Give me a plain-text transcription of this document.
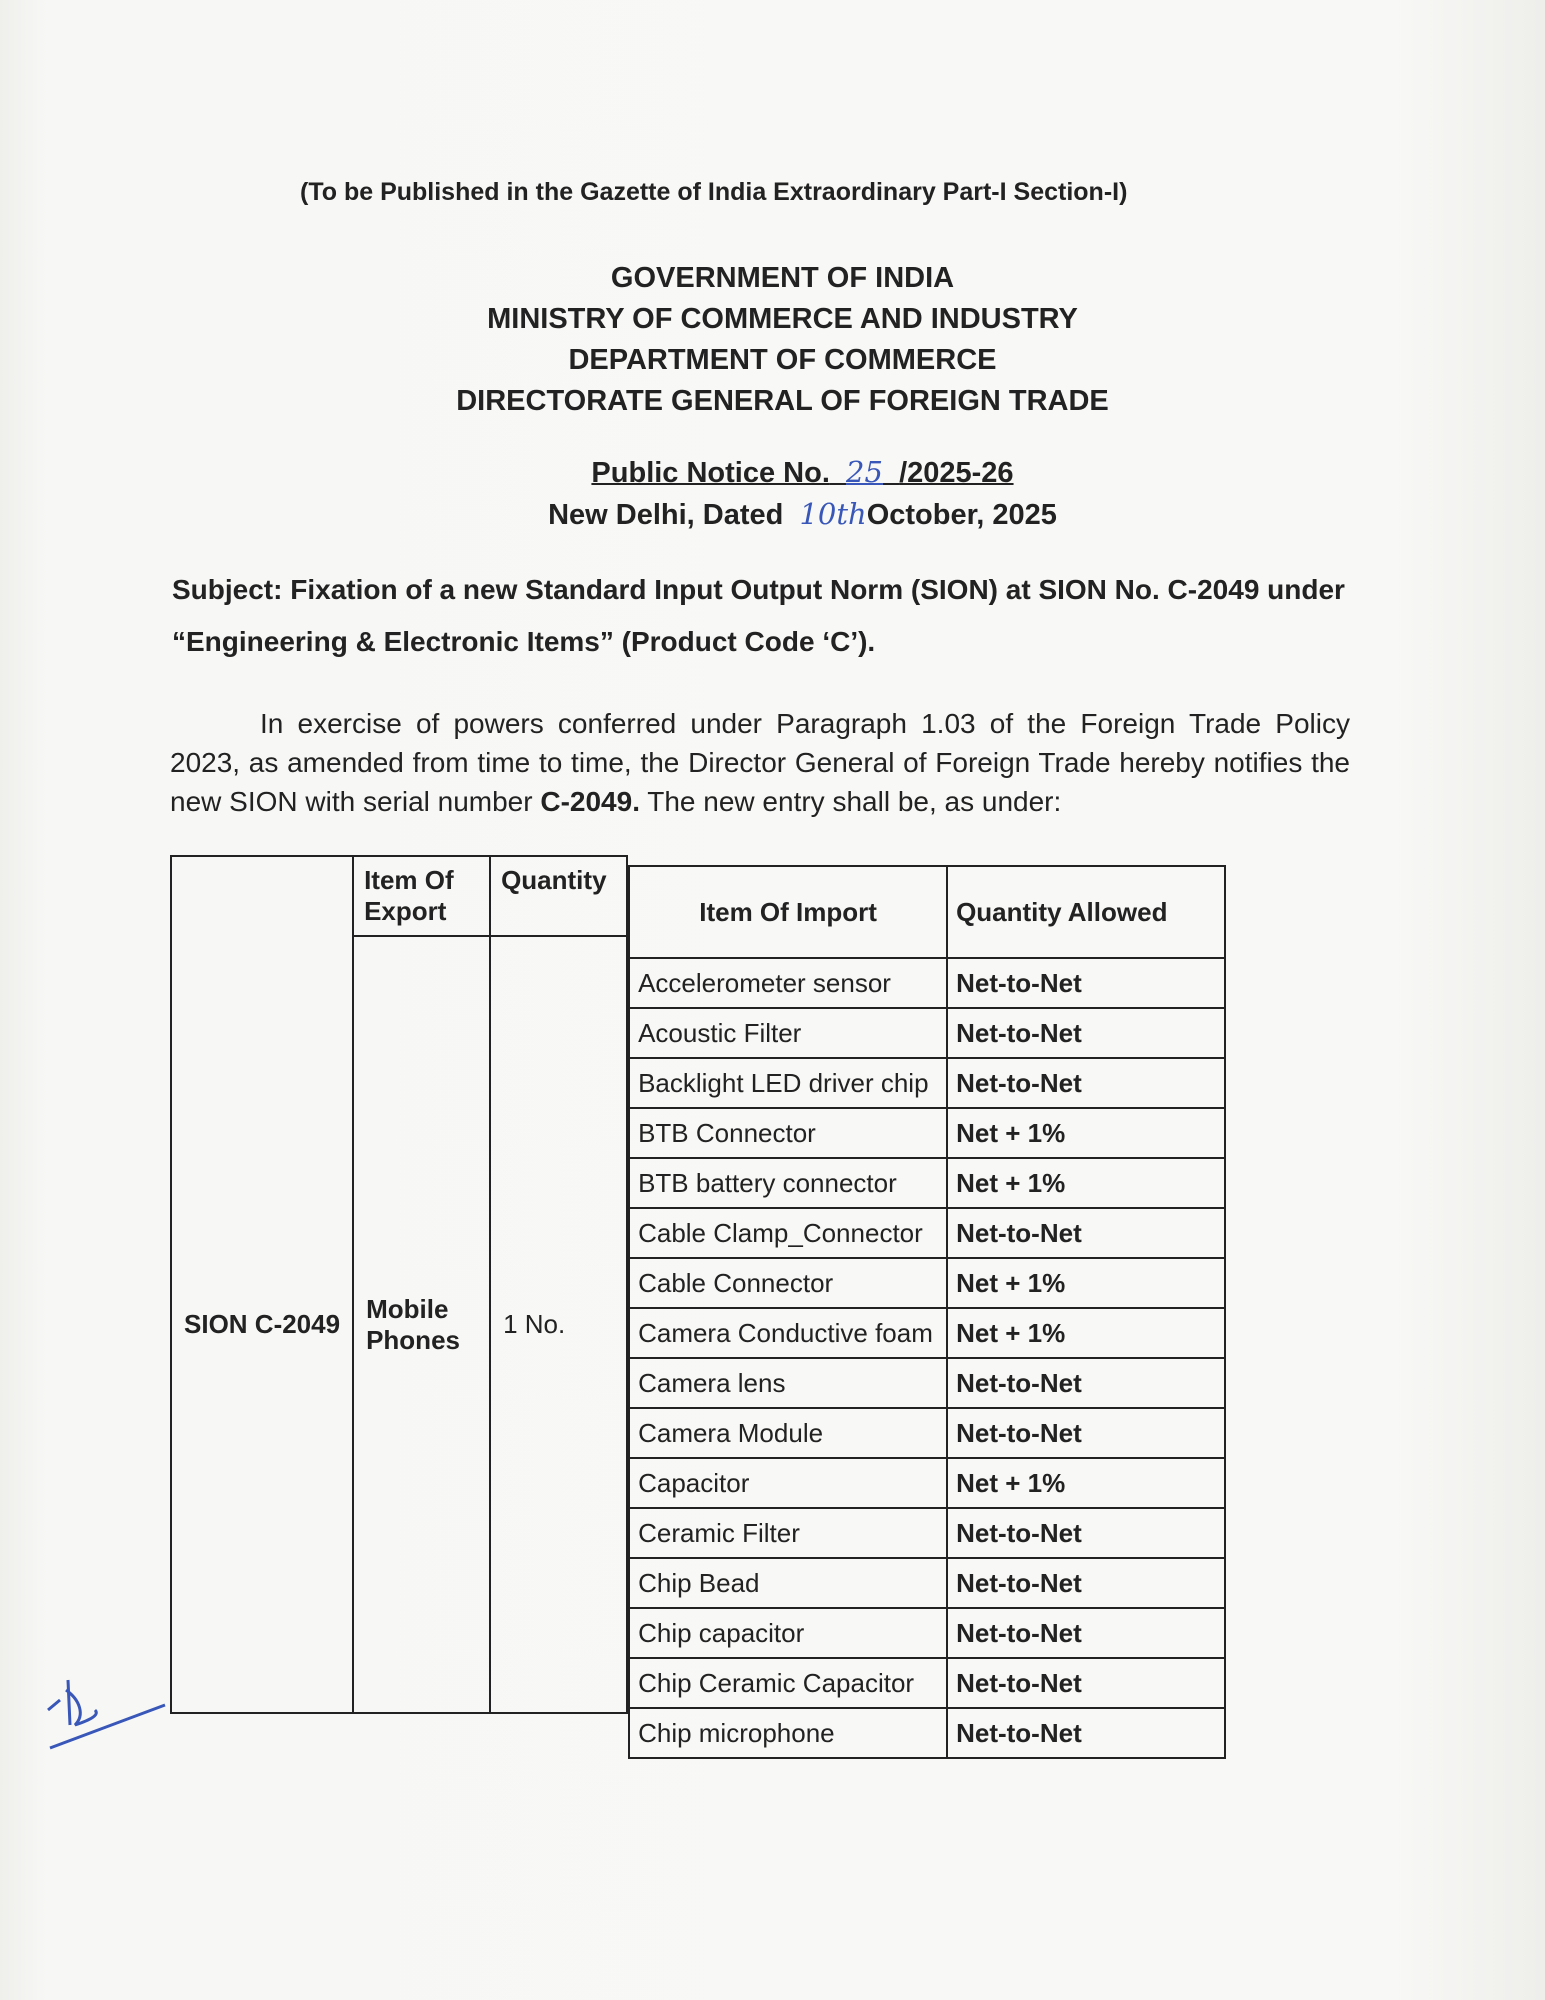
(To be Published in the Gazette of India Extraordinary Part-I Section-I)
GOVERNMENT OF INDIA
MINISTRY OF COMMERCE AND INDUSTRY
DEPARTMENT OF COMMERCE
DIRECTORATE GENERAL OF FOREIGN TRADE
Public Notice No. 25 /2025-26
New Delhi, Dated 10thOctober, 2025
Subject: Fixation of a new Standard Input Output Norm (SION) at SION No. C-2049 under “Engineering & Electronic Items” (Product Code ‘C’).
In exercise of powers conferred under Paragraph 1.03 of the Foreign Trade Policy 2023, as amended from time to time, the Director General of Foreign Trade hereby notifies the new SION with serial number C-2049. The new entry shall be, as under:
	Item Of Export	Quantity
SION C-2049	Mobile Phones	1 No.
Item Of Import	Quantity Allowed
Accelerometer sensor	Net-to-Net
Acoustic Filter	Net-to-Net
Backlight LED driver chip	Net-to-Net
BTB Connector	Net + 1%
BTB battery connector	Net + 1%
Cable Clamp_Connector	Net-to-Net
Cable Connector	Net + 1%
Camera Conductive foam	Net + 1%
Camera lens	Net-to-Net
Camera Module	Net-to-Net
Capacitor	Net + 1%
Ceramic Filter	Net-to-Net
Chip Bead	Net-to-Net
Chip capacitor	Net-to-Net
Chip Ceramic Capacitor	Net-to-Net
Chip microphone	Net-to-Net
